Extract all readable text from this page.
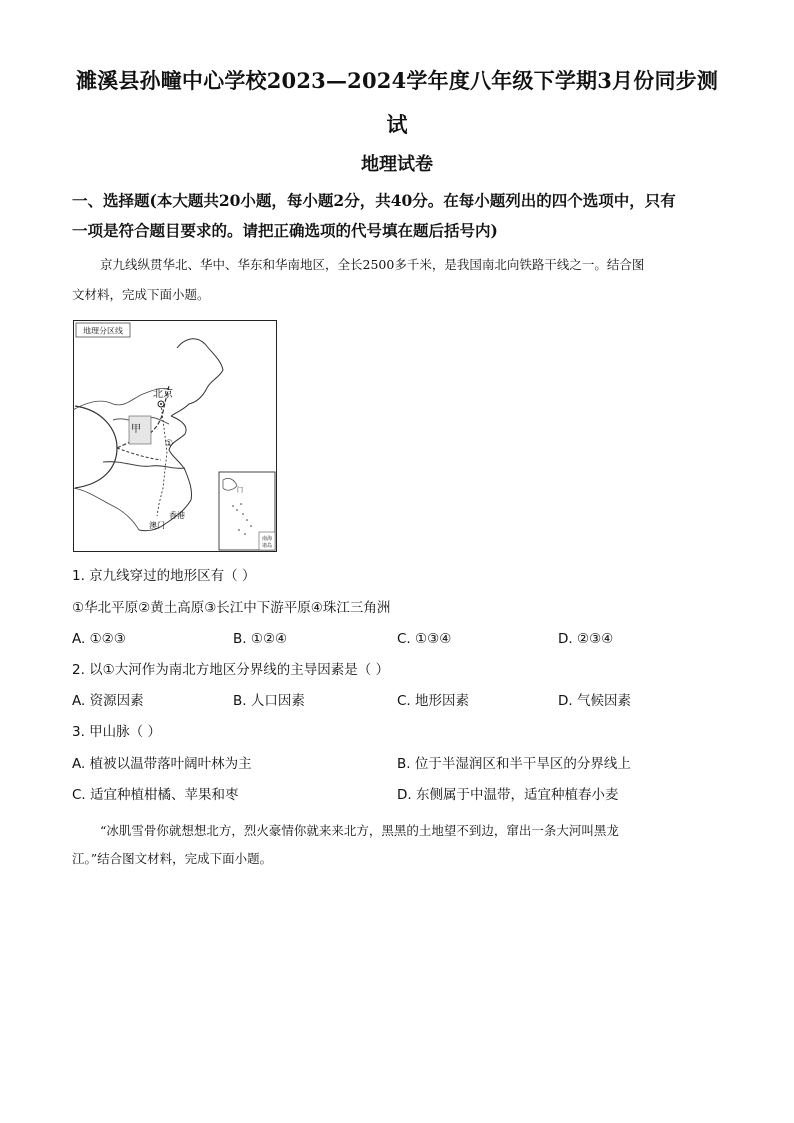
濉溪县孙疃中心学校2023—2024学年度八年级下学期3月份同步测
试
地理试卷
一、选择题(本大题共20小题，每小题2分，共40分。在每小题列出的四个选项中，只有
一项是符合题目要求的。请把正确选项的代号填在题后括号内)
京九线纵贯华北、华中、华东和华南地区，全长2500多千米，是我国南北向铁路干线之一。结合图
文材料，完成下面小题。
地理分区线
北京
甲
①
香港
澳门
门
南海
诸岛
1. 京九线穿过的地形区有（ ）
①华北平原②黄土高原③长江中下游平原④珠江三角洲
A. ①②③	B. ①②④	C. ①③④	D. ②③④
2. 以①大河作为南北方地区分界线的主导因素是（ ）
A. 资源因素	B. 人口因素	C. 地形因素	D. 气候因素
3. 甲山脉（ ）
A. 植被以温带落叶阔叶林为主	B. 位于半湿润区和半干旱区的分界线上
C. 适宜种植柑橘、苹果和枣	D. 东侧属于中温带，适宜种植春小麦
“冰肌雪骨你就想想北方，烈火豪情你就来来北方，黑黑的土地望不到边，窜出一条大河叫黑龙
江。”结合图文材料，完成下面小题。
